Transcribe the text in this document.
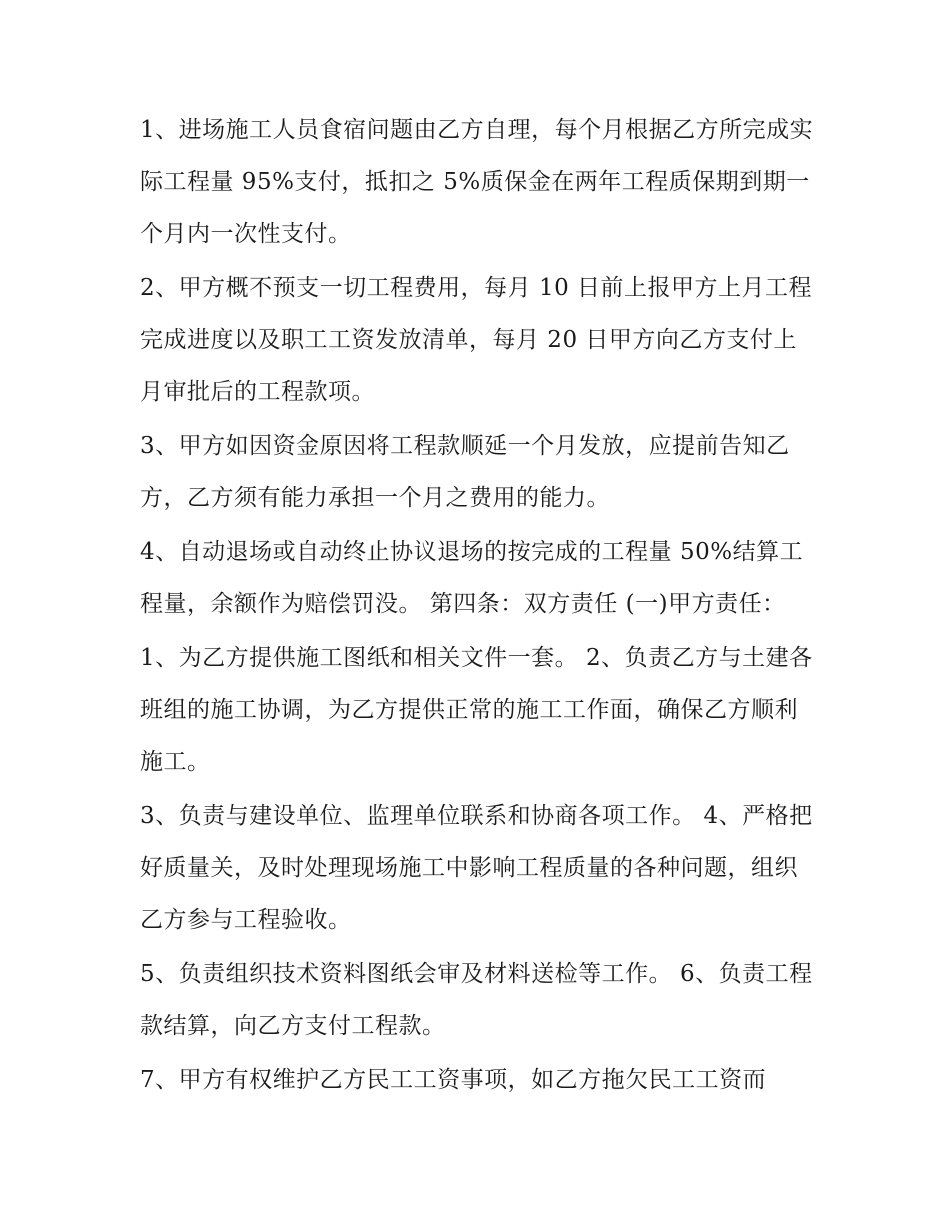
1、进场施工人员食宿问题由乙方自理，每个月根据乙方所完成实际工程量 95%支付，抵扣之 5%质保金在两年工程质保期到期一个月内一次性支付。

2、甲方概不预支一切工程费用，每月 10 日前上报甲方上月工程完成进度以及职工工资发放清单，每月 20 日甲方向乙方支付上月审批后的工程款项。

3、甲方如因资金原因将工程款顺延一个月发放，应提前告知乙方，乙方须有能力承担一个月之费用的能力。

4、自动退场或自动终止协议退场的按完成的工程量 50%结算工程量，余额作为赔偿罚没。 第四条：双方责任 (一)甲方责任：

1、为乙方提供施工图纸和相关文件一套。 2、负责乙方与土建各班组的施工协调，为乙方提供正常的施工工作面，确保乙方顺利施工。

3、负责与建设单位、监理单位联系和协商各项工作。 4、严格把好质量关，及时处理现场施工中影响工程质量的各种问题，组织乙方参与工程验收。

5、负责组织技术资料图纸会审及材料送检等工作。 6、负责工程款结算，向乙方支付工程款。

7、甲方有权维护乙方民工工资事项，如乙方拖欠民工工资而
